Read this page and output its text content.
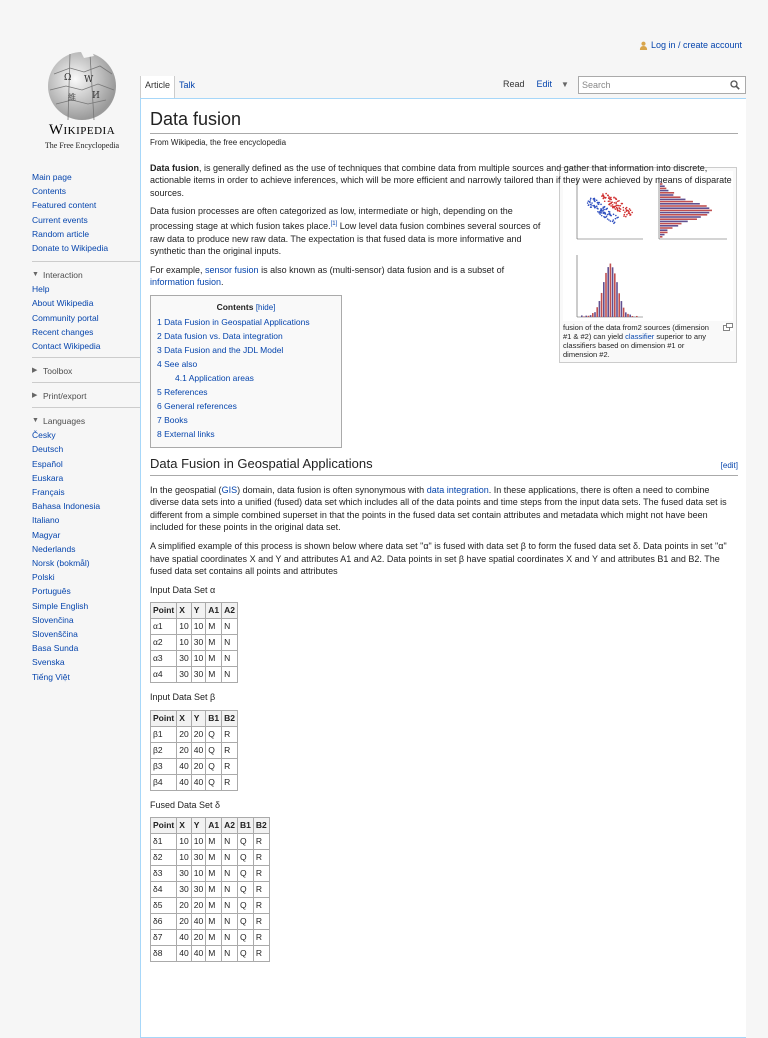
Log in / create account
Ω W
И
維
Wikipedia
The Free Encyclopedia
Main page
Contents
Featured content
Current events
Random article
Donate to Wikipedia
▼ Interaction
Help
About Wikipedia
Community portal
Recent changes
Contact Wikipedia
▶ Toolbox
▶ Print/export
▼ Languages
Česky
Deutsch
Español
Euskara
Français
Bahasa Indonesia
Italiano
Magyar
Nederlands
Norsk (bokmål)
Polski
Português
Simple English
Slovenčina
Slovenščina
Basa Sunda
Svenska
Tiếng Việt
Article	Talk	Read	Edit	▼	Search
Data fusion
From Wikipedia, the free encyclopedia

Data fusion, is generally defined as the use of techniques that combine data from multiple sources and gather that information into discrete, actionable items in order to achieve inferences, which will be more efficient and narrowly tailored than if they were achieved by means of disparate sources.

fusion of the data from2 sources (dimension #1 & #2) can yield classifier superior to any classifiers based on dimension #1 or dimension #2.

Data fusion processes are often categorized as low, intermediate or high, depending on the processing stage at which fusion takes place.[1] Low level data fusion combines several sources of raw data to produce new raw data. The expectation is that fused data is more informative and synthetic than the original inputs.

For example, sensor fusion is also known as (multi-sensor) data fusion and is a subset of information fusion.

Contents [hide]
1 Data Fusion in Geospatial Applications
2 Data fusion vs. Data integration
3 Data Fusion and the JDL Model
4 See also
4.1 Application areas
5 References
6 General references
7 Books
8 External links
Data Fusion in Geospatial Applications	[edit]

In the geospatial (GIS) domain, data fusion is often synonymous with data integration. In these applications, there is often a need to combine diverse data sets into a unified (fused) data set which includes all of the data points and time steps from the input data sets. The fused data set is different from a simple combined superset in that the points in the fused data set contain attributes and metadata which might not have been included for these points in the original data set.

A simplified example of this process is shown below where data set "α" is fused with data set β to form the fused data set δ. Data points in set "α" have spatial coordinates X and Y and attributes A1 and A2. Data points in set β have spatial coordinates X and Y and attributes B1 and B2. The fused data set contains all points and attributes

Input Data Set α
Point	X	Y	A1	A2
α1	10	10	M	N
α2	10	30	M	N
α3	30	10	M	N
α4	30	30	M	N
Input Data Set β
Point	X	Y	B1	B2
β1	20	20	Q	R
β2	20	40	Q	R
β3	40	20	Q	R
β4	40	40	Q	R
Fused Data Set δ
Point	X	Y	A1	A2	B1	B2
δ1	10	10	M	N	Q	R
δ2	10	30	M	N	Q	R
δ3	30	10	M	N	Q	R
δ4	30	30	M	N	Q	R
δ5	20	20	M	N	Q	R
δ6	20	40	M	N	Q	R
δ7	40	20	M	N	Q	R
δ8	40	40	M	N	Q	R
